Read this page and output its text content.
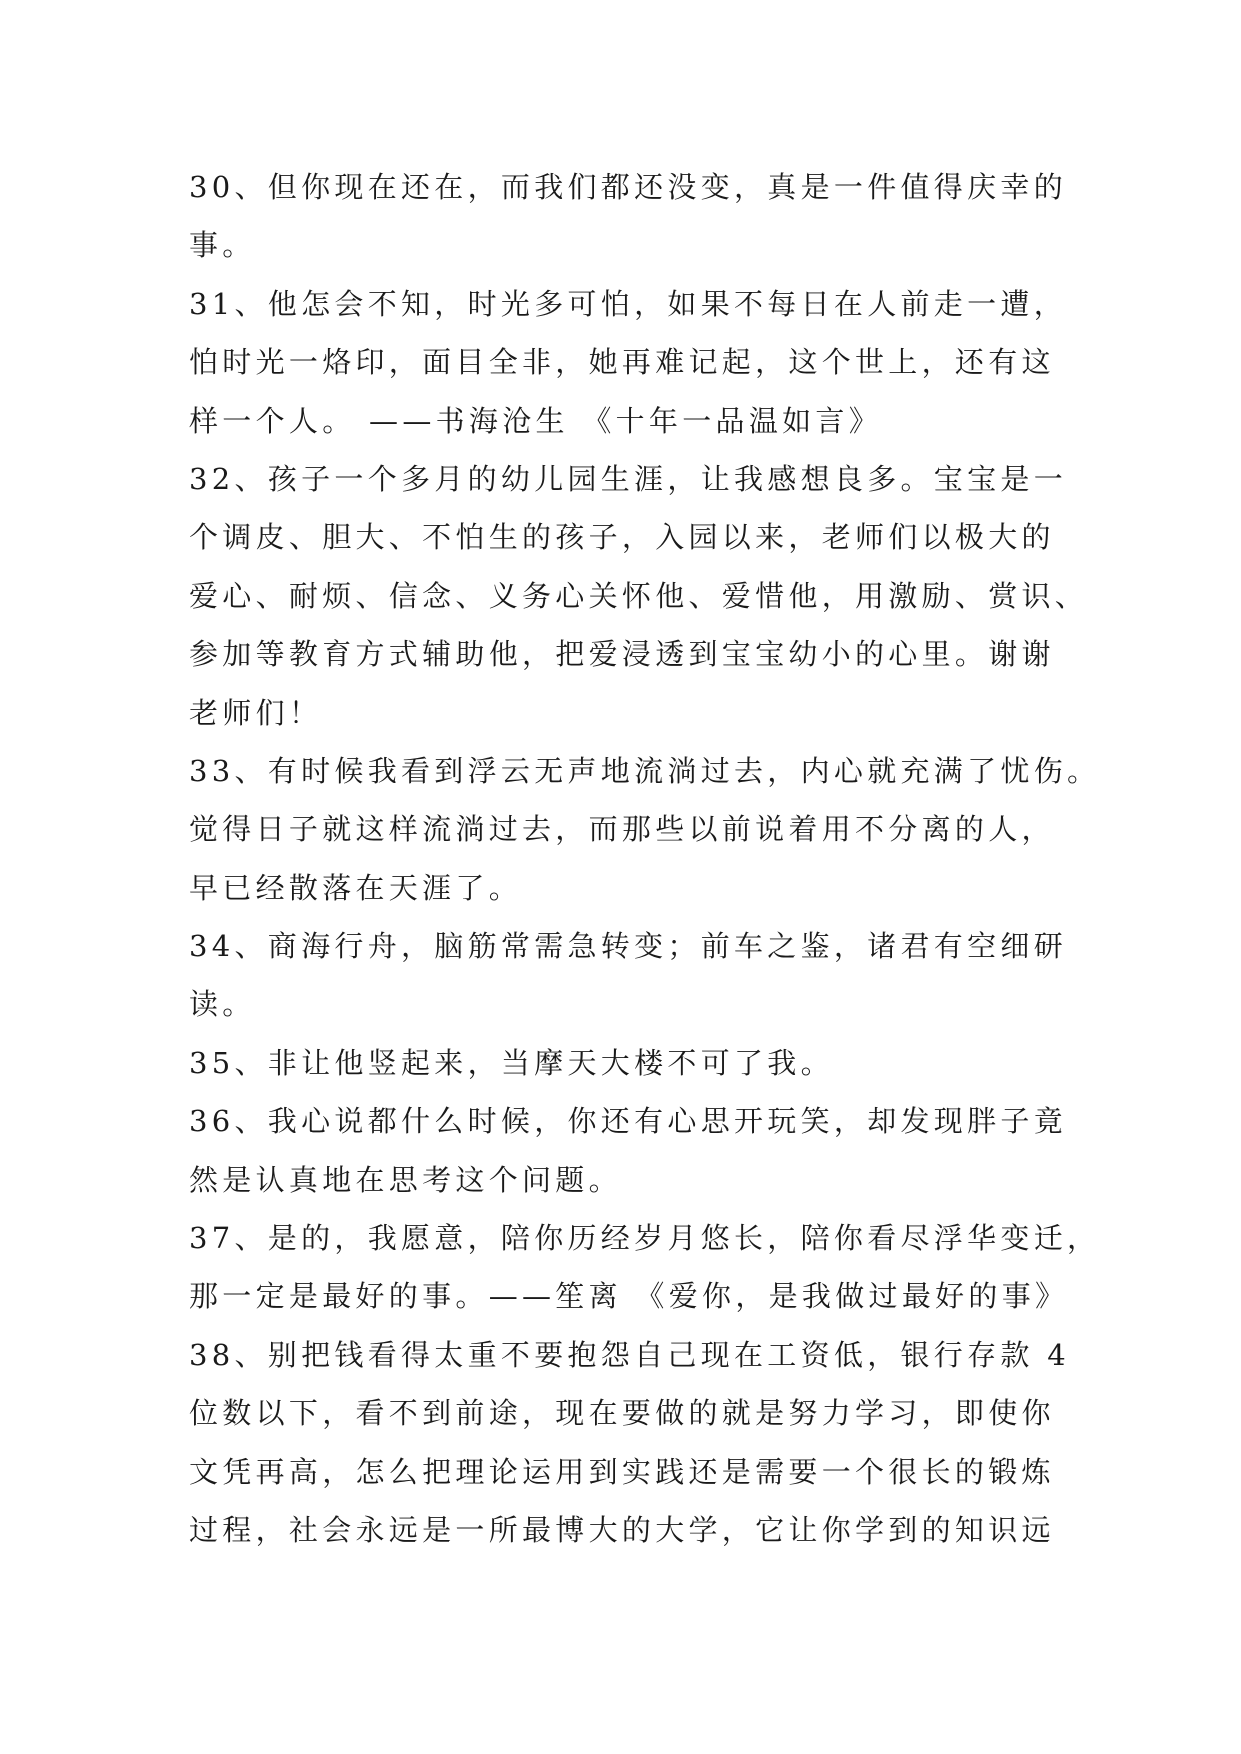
30、但你现在还在，而我们都还没变，真是一件值得庆幸的
事。
31、他怎会不知，时光多可怕，如果不每日在人前走一遭，
怕时光一烙印，面目全非，她再难记起，这个世上，还有这
样一个人。 ——书海沧生 《十年一品温如言》
32、孩子一个多月的幼儿园生涯，让我感想良多。宝宝是一
个调皮、胆大、不怕生的孩子，入园以来，老师们以极大的
爱心、耐烦、信念、义务心关怀他、爱惜他，用激励、赏识、
参加等教育方式辅助他，把爱浸透到宝宝幼小的心里。谢谢
老师们！
33、有时候我看到浮云无声地流淌过去，内心就充满了忧伤。
觉得日子就这样流淌过去，而那些以前说着用不分离的人，
早已经散落在天涯了。
34、商海行舟，脑筋常需急转变；前车之鉴，诸君有空细研
读。
35、非让他竖起来，当摩天大楼不可了我。
36、我心说都什么时候，你还有心思开玩笑，却发现胖子竟
然是认真地在思考这个问题。
37、是的，我愿意，陪你历经岁月悠长，陪你看尽浮华变迁，
那一定是最好的事。——笙离 《爱你，是我做过最好的事》
38、别把钱看得太重不要抱怨自己现在工资低，银行存款 4
位数以下，看不到前途，现在要做的就是努力学习，即使你
文凭再高，怎么把理论运用到实践还是需要一个很长的锻炼
过程，社会永远是一所最博大的大学，它让你学到的知识远
